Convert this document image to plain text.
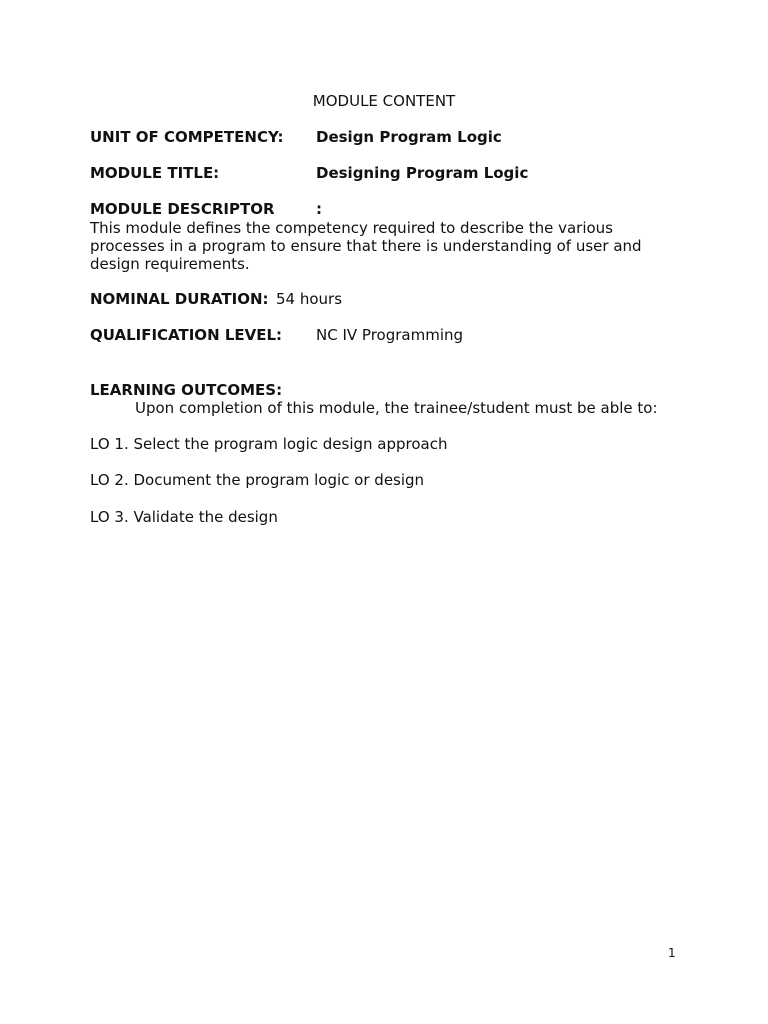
MODULE CONTENT
UNIT OF COMPETENCY: Design Program Logic
MODULE TITLE:	Designing Program Logic
MODULE DESCRIPTOR	:
This module defines the competency required to describe the various
processes in a program to ensure that there is understanding of user and
design requirements.
NOMINAL DURATION: 54 hours
QUALIFICATION LEVEL: NC IV Programming
LEARNING OUTCOMES:
Upon completion of this module, the trainee/student must be able to:
LO 1. Select the program logic design approach
LO 2. Document the program logic or design
LO 3. Validate the design
1
